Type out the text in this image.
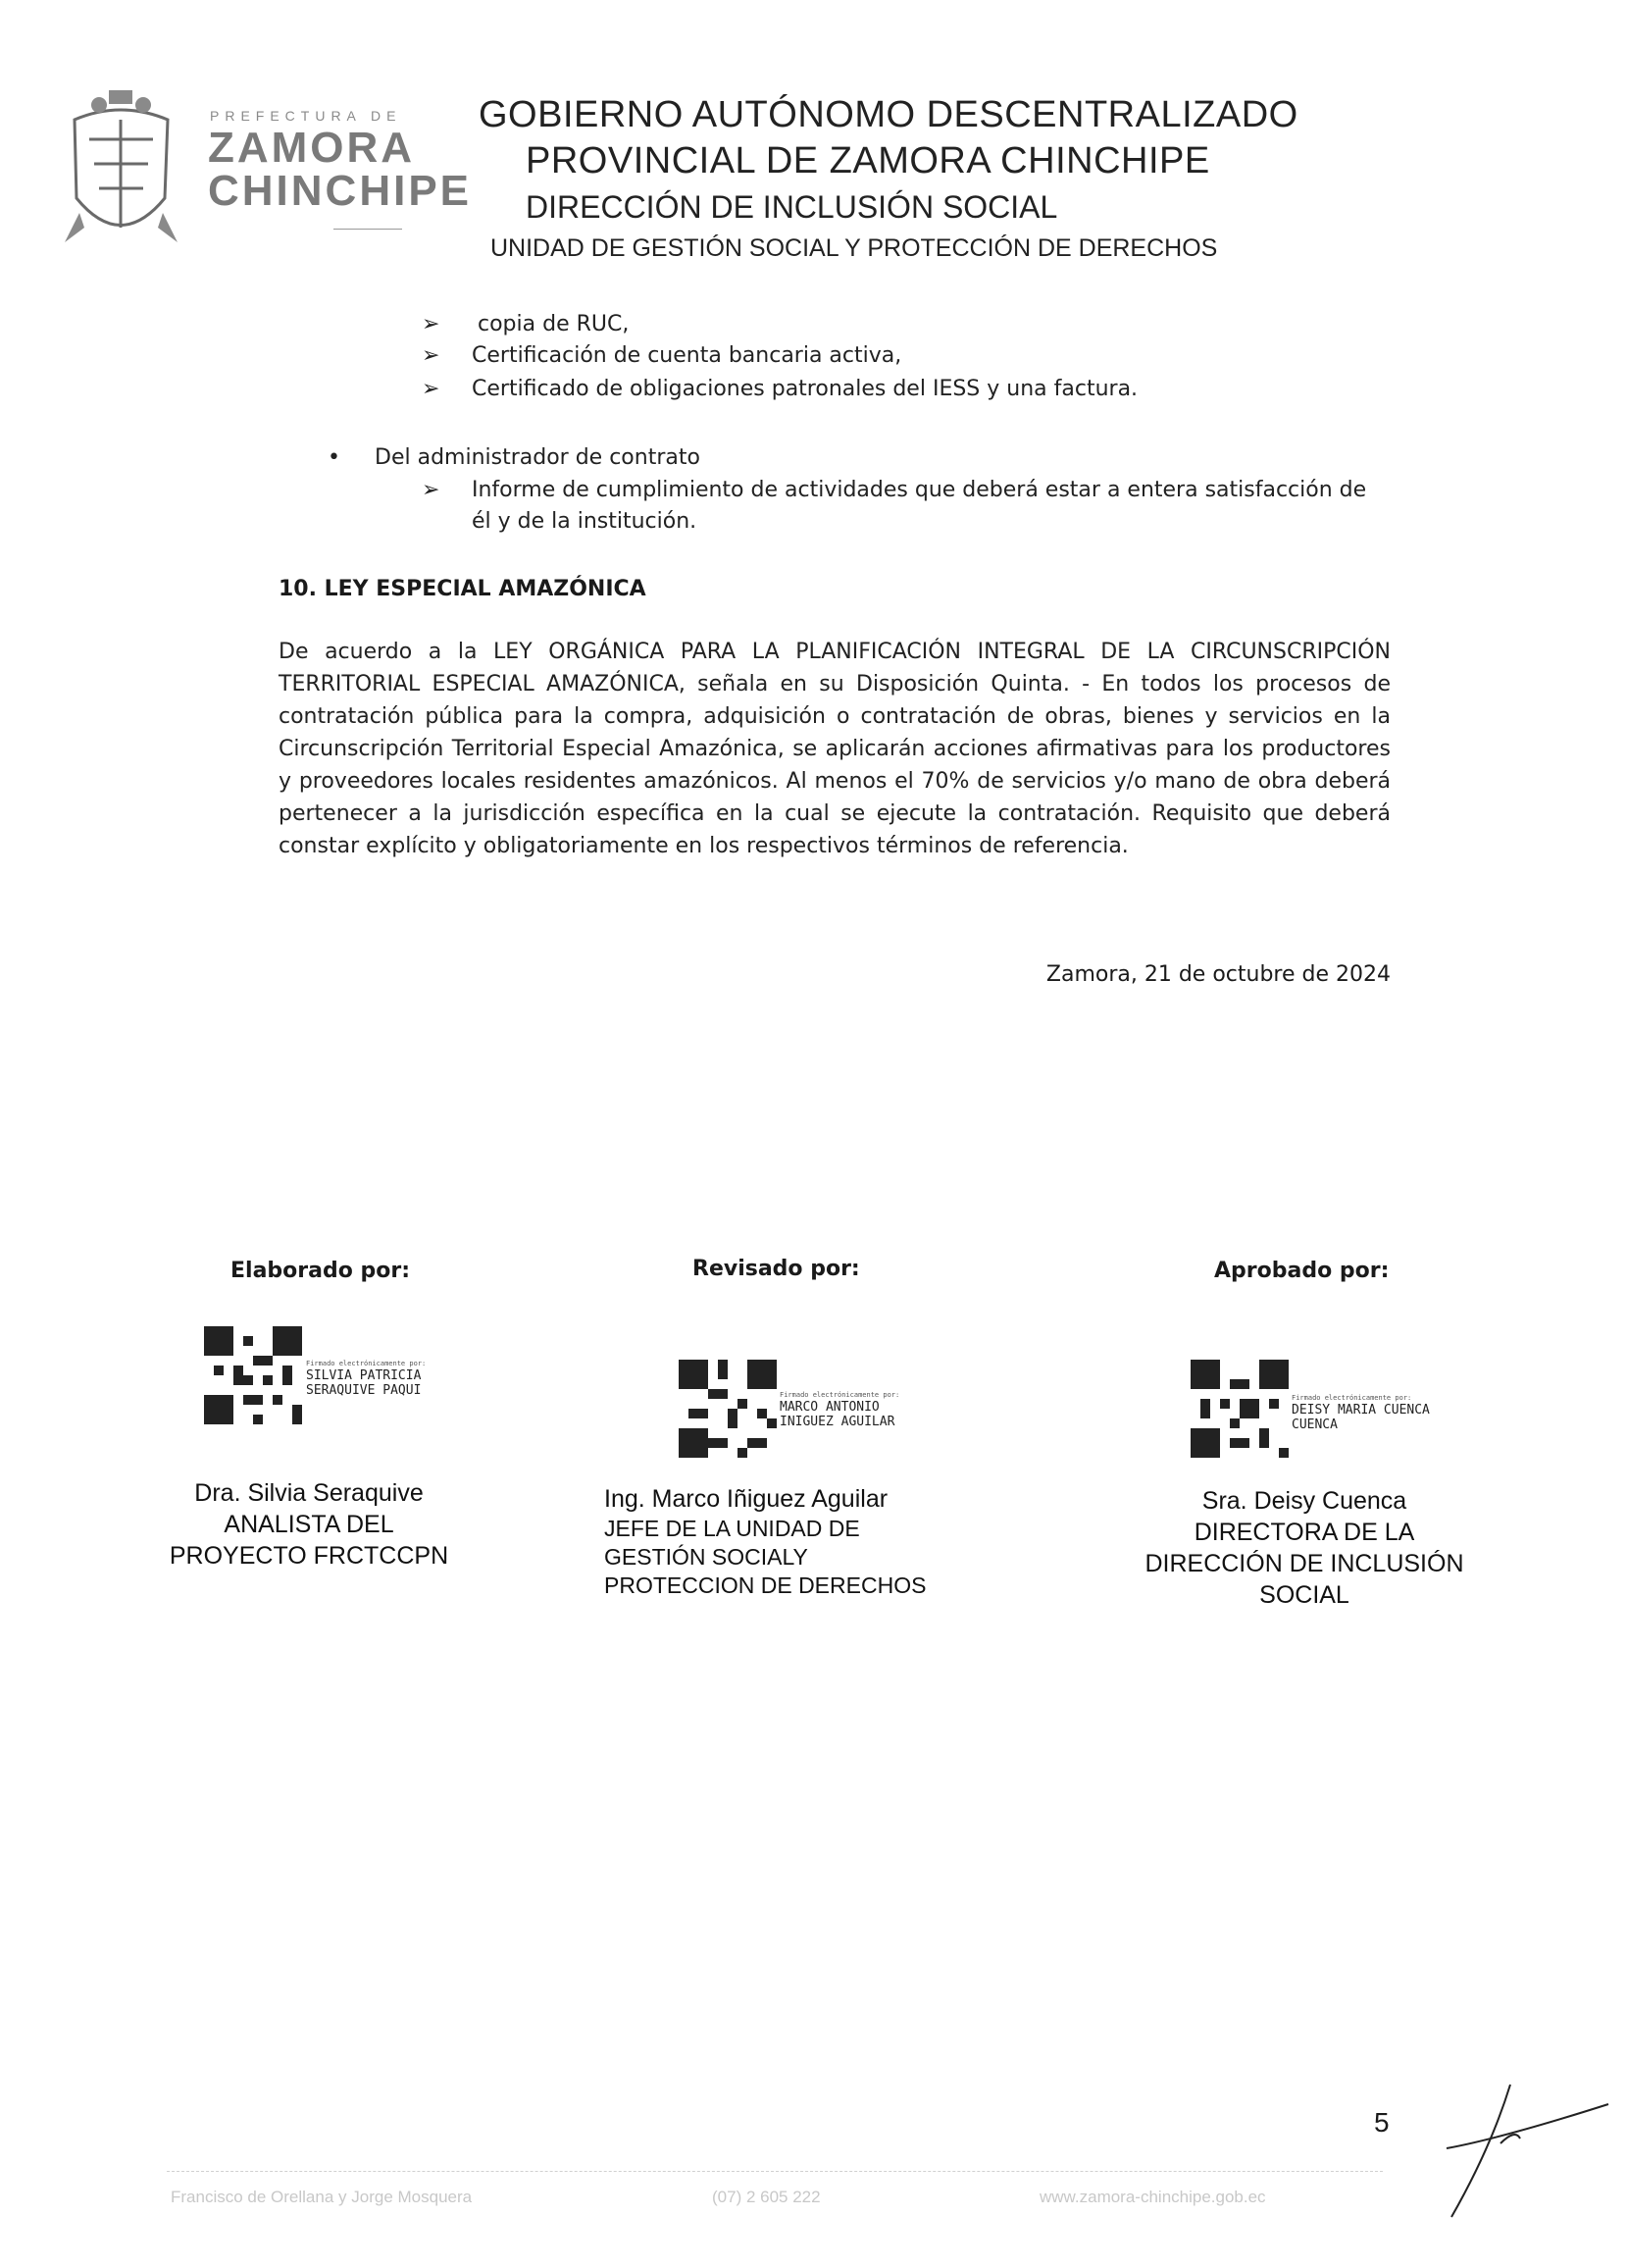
PREFECTURA DE
ZAMORA
CHINCHIPE
GOBIERNO AUTÓNOMO DESCENTRALIZADO
PROVINCIAL DE ZAMORA CHINCHIPE
DIRECCIÓN DE INCLUSIÓN SOCIAL
UNIDAD DE GESTIÓN SOCIAL Y PROTECCIÓN DE DERECHOS
➢ copia de RUC,
➢ Certificación de cuenta bancaria activa,
➢ Certificado de obligaciones patronales del IESS y una factura.
• Del administrador de contrato
➢ Informe de cumplimiento de actividades que deberá estar a entera satisfacción de
él y de la institución.
10. LEY ESPECIAL AMAZÓNICA
De acuerdo a la LEY ORGÁNICA PARA LA PLANIFICACIÓN INTEGRAL DE LA CIRCUNSCRIPCIÓN TERRITORIAL ESPECIAL AMAZÓNICA, señala en su Disposición Quinta. - En todos los procesos de contratación pública para la compra, adquisición o contratación de obras, bienes y servicios en la Circunscripción Territorial Especial Amazónica, se aplicarán acciones afirmativas para los productores y proveedores locales residentes amazónicos. Al menos el 70% de servicios y/o mano de obra deberá pertenecer a la jurisdicción específica en la cual se ejecute la contratación. Requisito que deberá constar explícito y obligatoriamente en los respectivos términos de referencia.
Zamora, 21 de octubre de 2024
Elaborado por:
Firmado electrónicamente por:
SILVIA PATRICIA
SERAQUIVE PAQUI
Dra. Silvia Seraquive
ANALISTA DEL
PROYECTO FRCTCCPN
Revisado por:
Firmado electrónicamente por:
MARCO ANTONIO
INIGUEZ AGUILAR
Ing. Marco Iñiguez Aguilar
JEFE DE LA UNIDAD DE
GESTIÓN SOCIALY
PROTECCION DE DERECHOS
Aprobado por:
Firmado electrónicamente por:
DEISY MARIA CUENCA
CUENCA
Sra. Deisy Cuenca
DIRECTORA DE LA
DIRECCIÓN DE INCLUSIÓN
SOCIAL
5
Francisco de Orellana y Jorge Mosquera	(07) 2 605 222	www.zamora-chinchipe.gob.ec
